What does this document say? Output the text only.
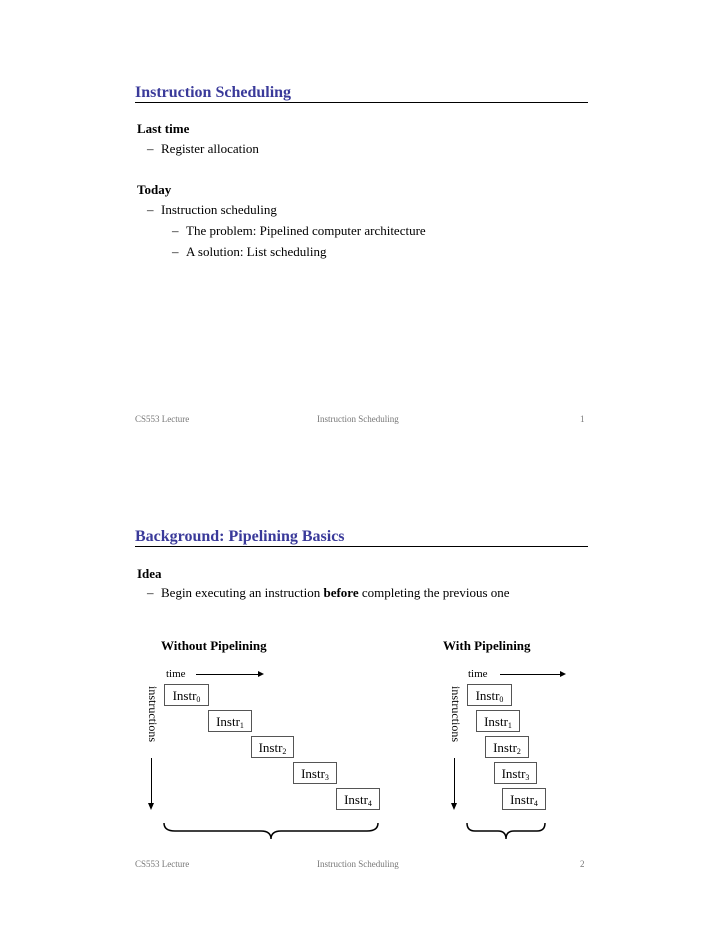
Instruction Scheduling
Last time
– Register allocation
Today
– Instruction scheduling
– The problem: Pipelined computer architecture
– A solution: List scheduling
CS553 Lecture	Instruction Scheduling	1
Background: Pipelining Basics
Idea
– Begin executing an instruction before completing the previous one
Without Pipelining
time
instructions Instr$_0$
Instr$_1$
Instr$_2$
Instr$_3$
Instr$_4$
With Pipelining
time
instructions Instr$_0$
Instr$_1$
Instr$_2$
Instr$_3$
Instr$_4$
CS553 Lecture	Instruction Scheduling	2
